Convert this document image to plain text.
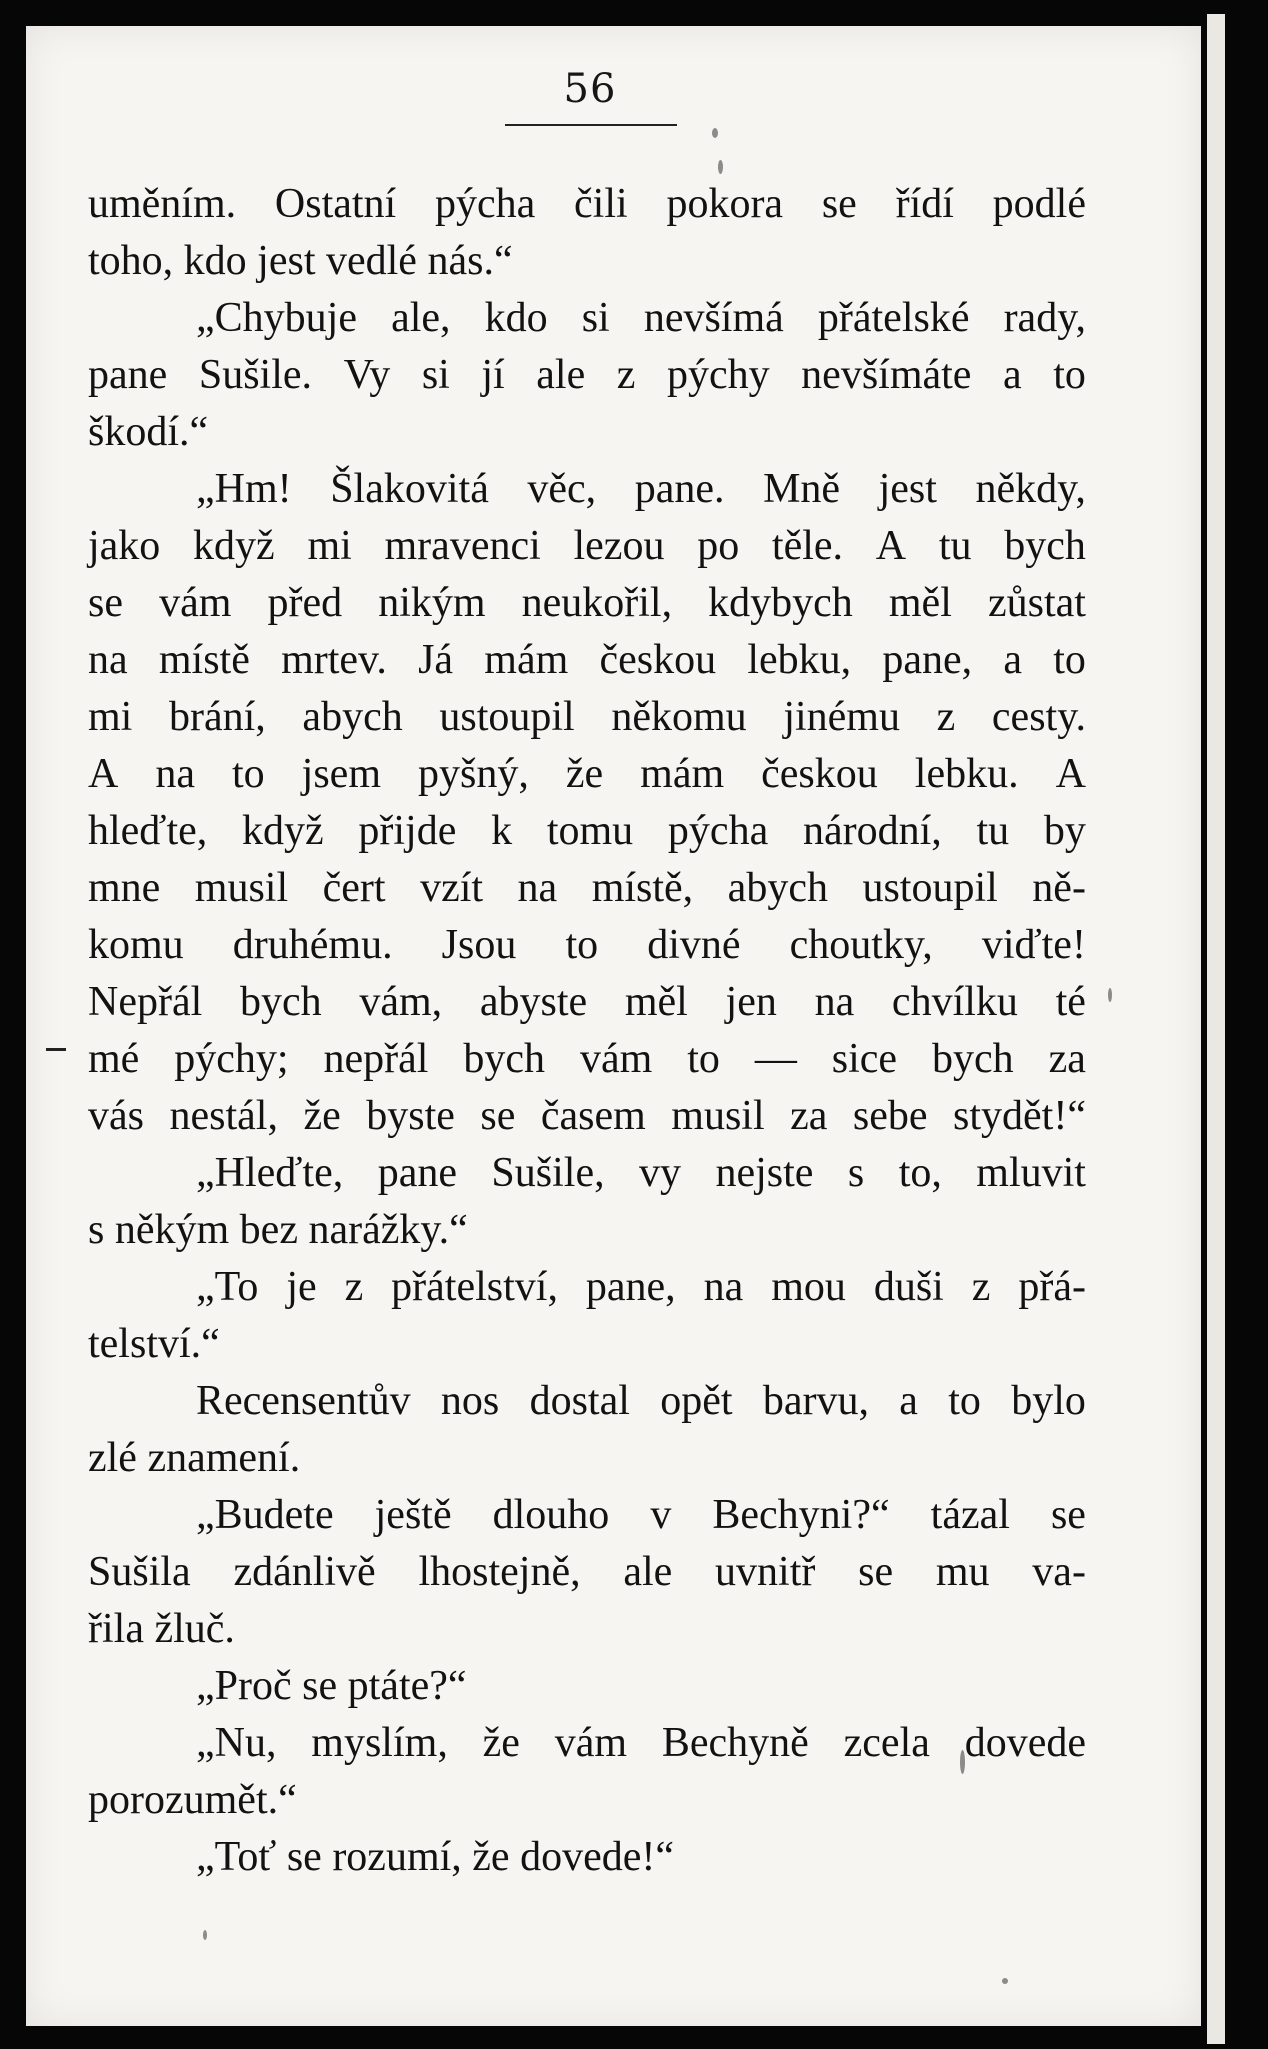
56
uměním. Ostatní pýcha čili pokora se řídí podlé
toho, kdo jest vedlé nás.“
„Chybuje ale, kdo si nevšímá přátelské rady,
pane Sušile. Vy si jí ale z pýchy nevšímáte a to
škodí.“
„Hm! Šlakovitá věc, pane. Mně jest někdy,
jako když mi mravenci lezou po těle. A tu bych
se vám před nikým neukořil, kdybych měl zůstat
na místě mrtev. Já mám českou lebku, pane, a to
mi brání, abych ustoupil někomu jinému z cesty.
A na to jsem pyšný, že mám českou lebku. A
hleďte, když přijde k tomu pýcha národní, tu by
mne musil čert vzít na místě, abych ustoupil ně-
komu druhému. Jsou to divné choutky, viďte!
Nepřál bych vám, abyste měl jen na chvílku té
mé pýchy; nepřál bych vám to — sice bych za
vás nestál, že byste se časem musil za sebe stydět!“
„Hleďte, pane Sušile, vy nejste s to, mluvit
s někým bez narážky.“
„To je z přátelství, pane, na mou duši z přá-
telství.“
Recensentův nos dostal opět barvu, a to bylo
zlé znamení.
„Budete ještě dlouho v Bechyni?“ tázal se
Sušila zdánlivě lhostejně, ale uvnitř se mu va-
řila žluč.
„Proč se ptáte?“
„Nu, myslím, že vám Bechyně zcela dovede
porozumět.“
„Toť se rozumí, že dovede!“
